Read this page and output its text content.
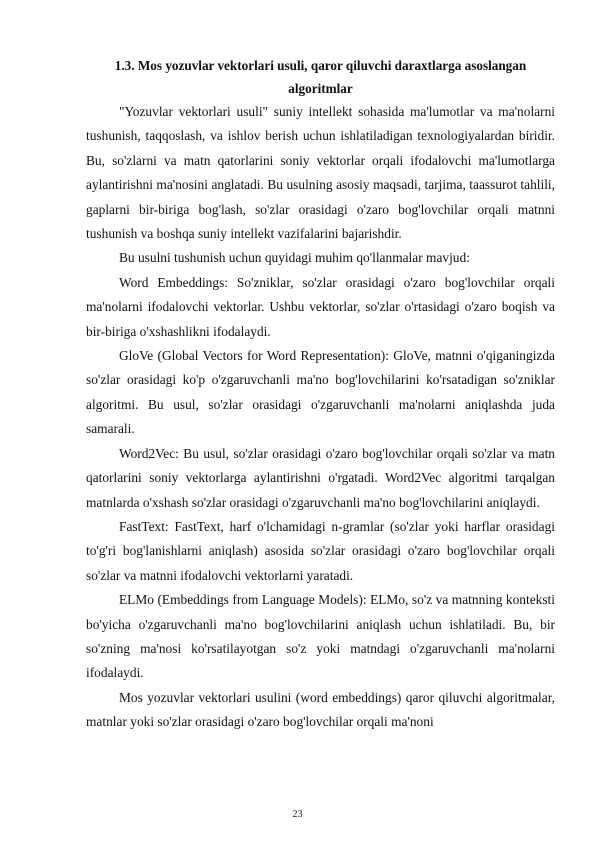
1.3. Mos yozuvlar vektorlari usuli, qaror qiluvchi daraxtlarga asoslangan
algoritmlar

"Yozuvlar vektorlari usuli" suniy intellekt sohasida ma'lumotlar va ma'nolarni tushunish, taqqoslash, va ishlov berish uchun ishlatiladigan texnologiyalardan biridir. Bu, so'zlarni va matn qatorlarini soniy vektorlar orqali ifodalovchi ma'lumotlarga aylantirishni ma'nosini anglatadi. Bu usulning asosiy maqsadi, tarjima, taassurot tahlili, gaplarni bir-biriga bog'lash, so'zlar orasidagi o'zaro bog'lovchilar orqali matnni tushunish va boshqa suniy intellekt vazifalarini bajarishdir.

Bu usulni tushunish uchun quyidagi muhim qo'llanmalar mavjud:

Word Embeddings: So'zniklar, so'zlar orasidagi o'zaro bog'lovchilar orqali ma'nolarni ifodalovchi vektorlar. Ushbu vektorlar, so'zlar o'rtasidagi o'zaro boqish va bir-biriga o'xshashlikni ifodalaydi.

GloVe (Global Vectors for Word Representation): GloVe, matnni o'qiganingizda so'zlar orasidagi ko'p o'zgaruvchanli ma'no bog'lovchilarini ko'rsatadigan so'zniklar algoritmi. Bu usul, so'zlar orasidagi o'zgaruvchanli ma'nolarni aniqlashda juda samarali.

Word2Vec: Bu usul, so'zlar orasidagi o'zaro bog'lovchilar orqali so'zlar va matn qatorlarini soniy vektorlarga aylantirishni o'rgatadi. Word2Vec algoritmi tarqalgan matnlarda o'xshash so'zlar orasidagi o'zgaruvchanli ma'no bog'lovchilarini aniqlaydi.

FastText: FastText, harf o'lchamidagi n-gramlar (so'zlar yoki harflar orasidagi to'g'ri bog'lanishlarni aniqlash) asosida so'zlar orasidagi o'zaro bog'lovchilar orqali so'zlar va matnni ifodalovchi vektorlarni yaratadi.

ELMo (Embeddings from Language Models): ELMo, so'z va matnning konteksti bo'yicha o'zgaruvchanli ma'no bog'lovchilarini aniqlash uchun ishlatiladi. Bu, bir so'zning ma'nosi ko'rsatilayotgan so'z yoki matndagi o'zgaruvchanli ma'nolarni ifodalaydi.

Mos yozuvlar vektorlari usulini (word embeddings) qaror qiluvchi algoritmalar, matnlar yoki so'zlar orasidagi o'zaro bog'lovchilar orqali ma'noni

23
